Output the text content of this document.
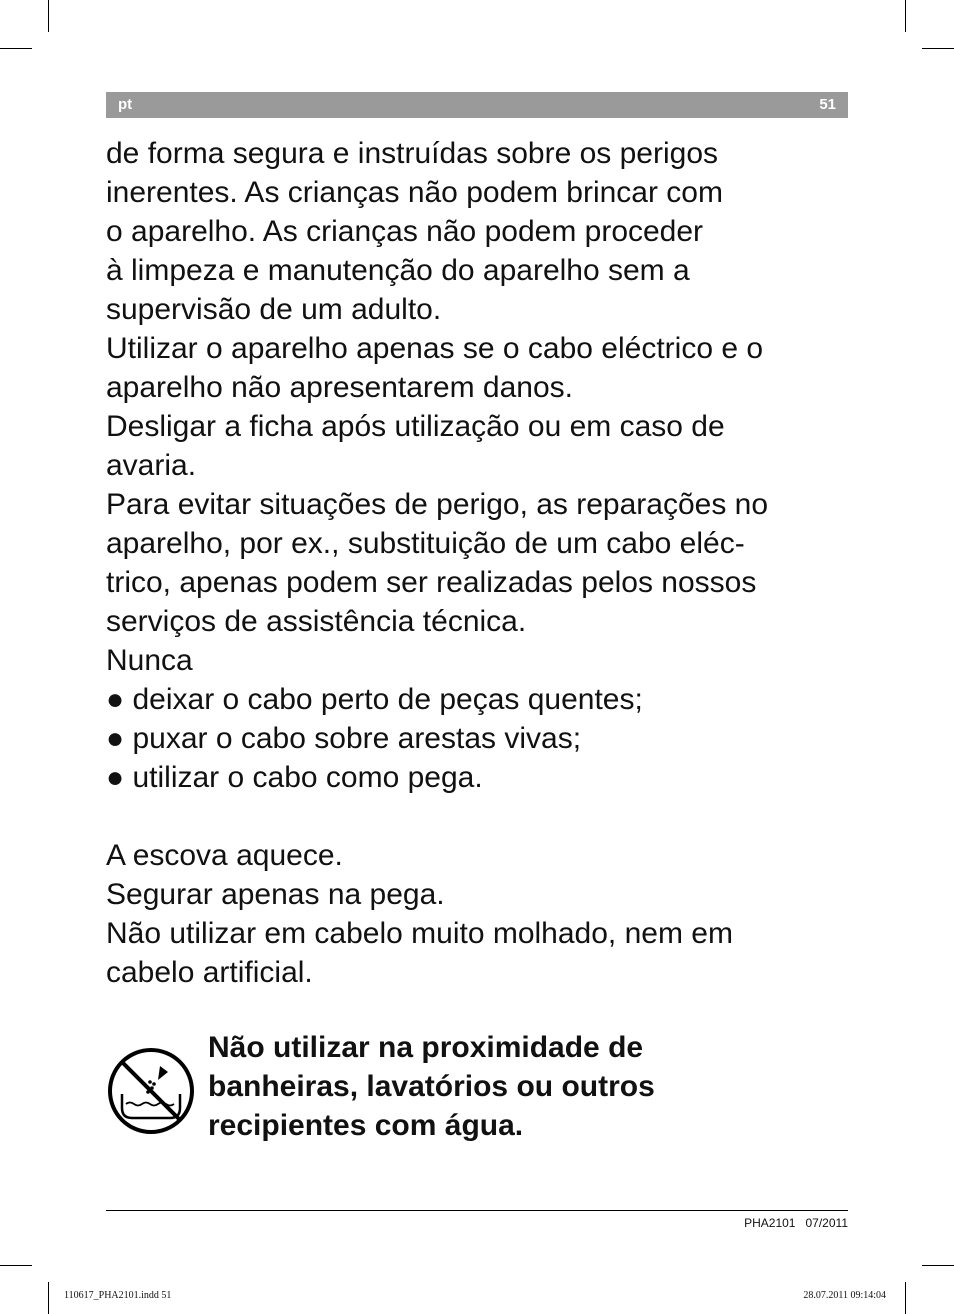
pt	51
de forma segura e instruídas sobre os perigos
inerentes. As crianças não podem brincar com
o aparelho. As crianças não podem proceder
à limpeza e manutenção do aparelho sem a
supervisão de um adulto.
Utilizar o aparelho apenas se o cabo eléctrico e o
aparelho não apresentarem danos.
Desligar a ficha após utilização ou em caso de
avaria.
Para evitar situações de perigo, as reparações no
aparelho, por ex., substituição de um cabo eléc-
trico, apenas podem ser realizadas pelos nossos
serviços de assistência técnica.
Nunca
● deixar o cabo perto de peças quentes;
● puxar o cabo sobre arestas vivas;
● utilizar o cabo como pega.
A escova aquece.
Segurar apenas na pega.
Não utilizar em cabelo muito molhado, nem em
cabelo artificial.
Não utilizar na proximidade de
banheiras, lavatórios ou outros
recipientes com água.
PHA2101 07/2011
110617_PHA2101.indd 51	28.07.2011 09:14:04
